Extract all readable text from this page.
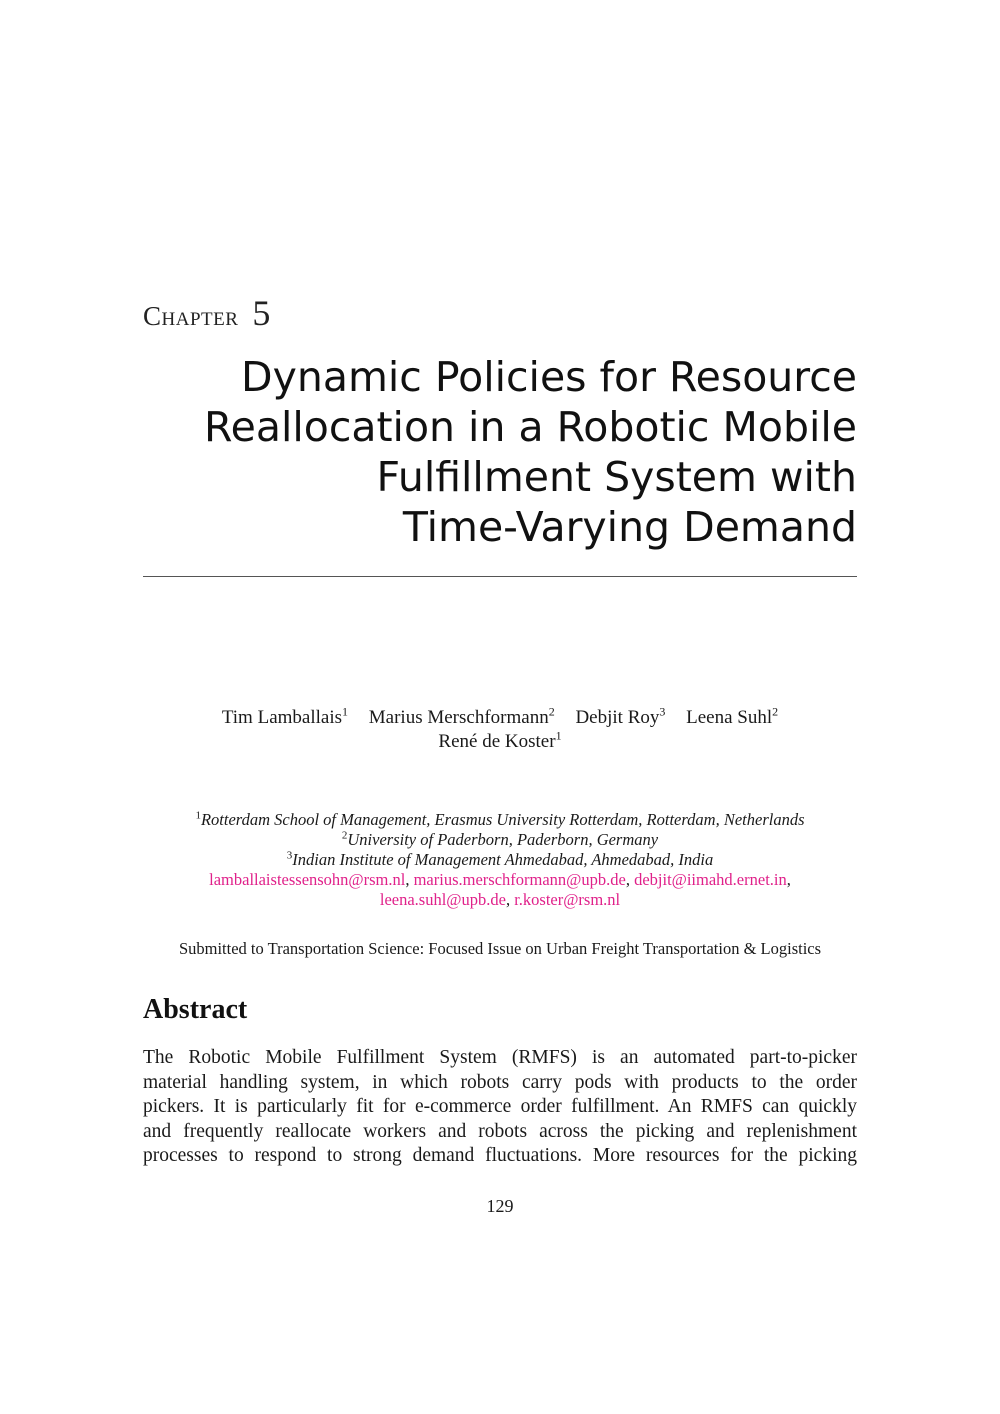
Chapter 5
Dynamic Policies for Resource
Reallocation in a Robotic Mobile
Fulfillment System with
Time-Varying Demand
Tim Lamballais$^1$ Marius Merschformann$^2$ Debjit Roy$^3$ Leena Suhl$^2$
René de Koster$^1$
$^1$Rotterdam School of Management, Erasmus University Rotterdam, Rotterdam, Netherlands
$^2$University of Paderborn, Paderborn, Germany
$^3$Indian Institute of Management Ahmedabad, Ahmedabad, India
lamballaistessensohn@rsm.nl, marius.merschformann@upb.de, debjit@iimahd.ernet.in,
leena.suhl@upb.de, r.koster@rsm.nl
Submitted to Transportation Science: Focused Issue on Urban Freight Transportation & Logistics
Abstract
The Robotic Mobile Fulfillment System (RMFS) is an automated part-to-picker
material handling system, in which robots carry pods with products to the order
pickers. It is particularly fit for e-commerce order fulfillment. An RMFS can quickly
and frequently reallocate workers and robots across the picking and replenishment
processes to respond to strong demand fluctuations. More resources for the picking
129
